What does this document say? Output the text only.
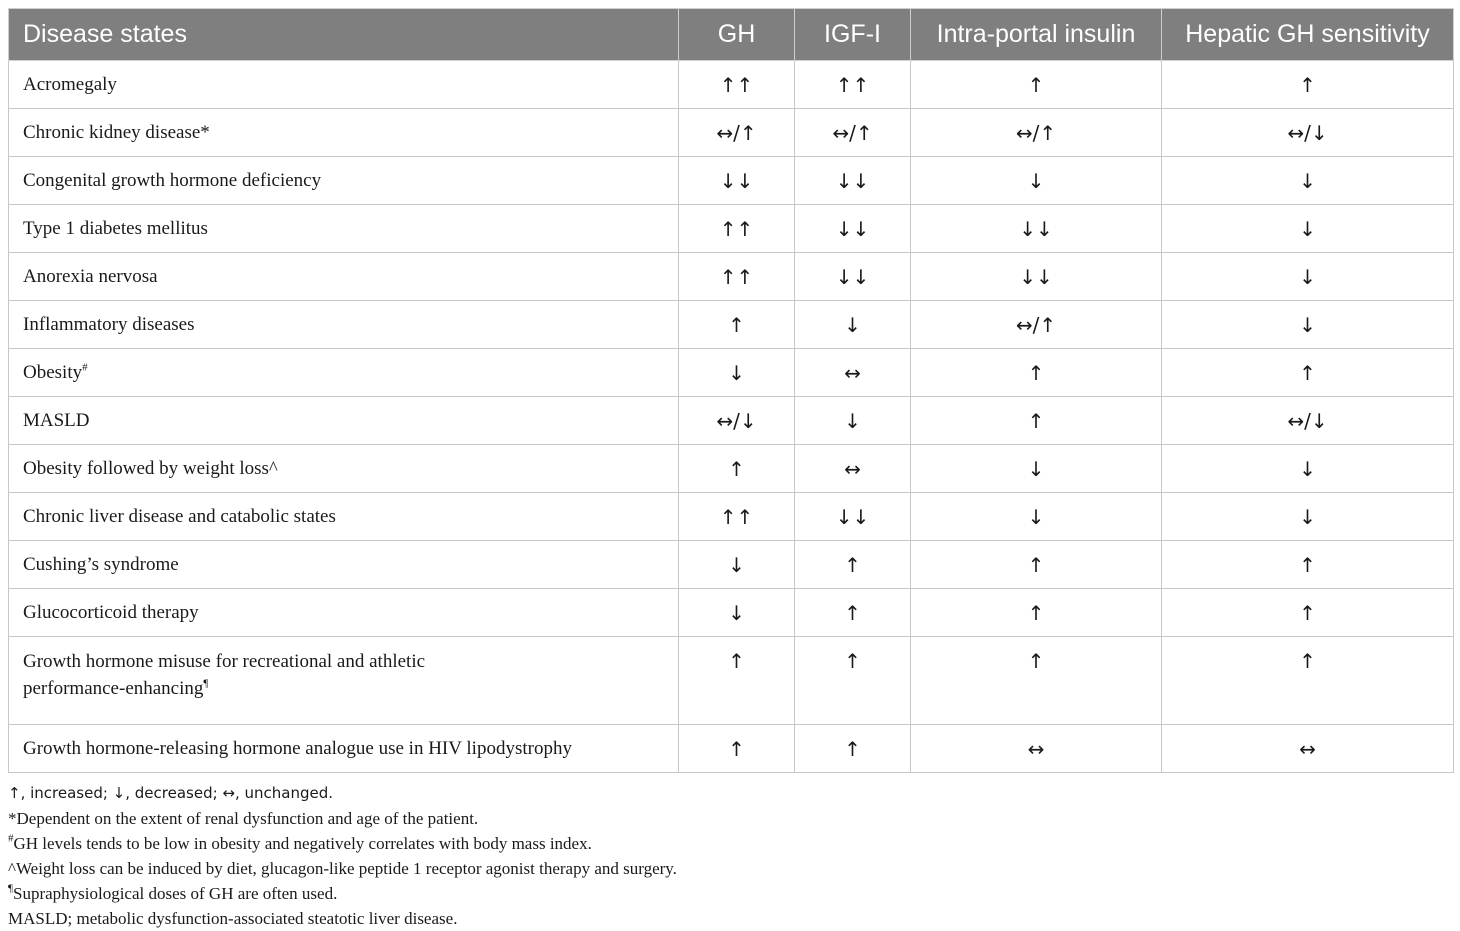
Disease states	GH	IGF-I	Intra-portal insulin	Hepatic GH sensitivity
Acromegaly	↑↑	↑↑	↑	↑
Chronic kidney disease*	↔/↑	↔/↑	↔/↑	↔/↓
Congenital growth hormone deficiency	↓↓	↓↓	↓	↓
Type 1 diabetes mellitus	↑↑	↓↓	↓↓	↓
Anorexia nervosa	↑↑	↓↓	↓↓	↓
Inflammatory diseases	↑	↓	↔/↑	↓
Obesity#	↓	↔	↑	↑
MASLD	↔/↓	↓	↑	↔/↓
Obesity followed by weight loss^	↑	↔	↓	↓
Chronic liver disease and catabolic states	↑↑	↓↓	↓	↓
Cushing’s syndrome	↓	↑	↑	↑
Glucocorticoid therapy	↓	↑	↑	↑
Growth hormone misuse for recreational and athletic
performance-enhancing¶	↑	↑	↑	↑
Growth hormone-releasing hormone analogue use in HIV lipodystrophy	↑	↑	↔	↔
↑, increased; ↓, decreased; ↔, unchanged.
*Dependent on the extent of renal dysfunction and age of the patient.
#GH levels tends to be low in obesity and negatively correlates with body mass index.
^Weight loss can be induced by diet, glucagon-like peptide 1 receptor agonist therapy and surgery.
¶Supraphysiological doses of GH are often used.
MASLD; metabolic dysfunction-associated steatotic liver disease.
